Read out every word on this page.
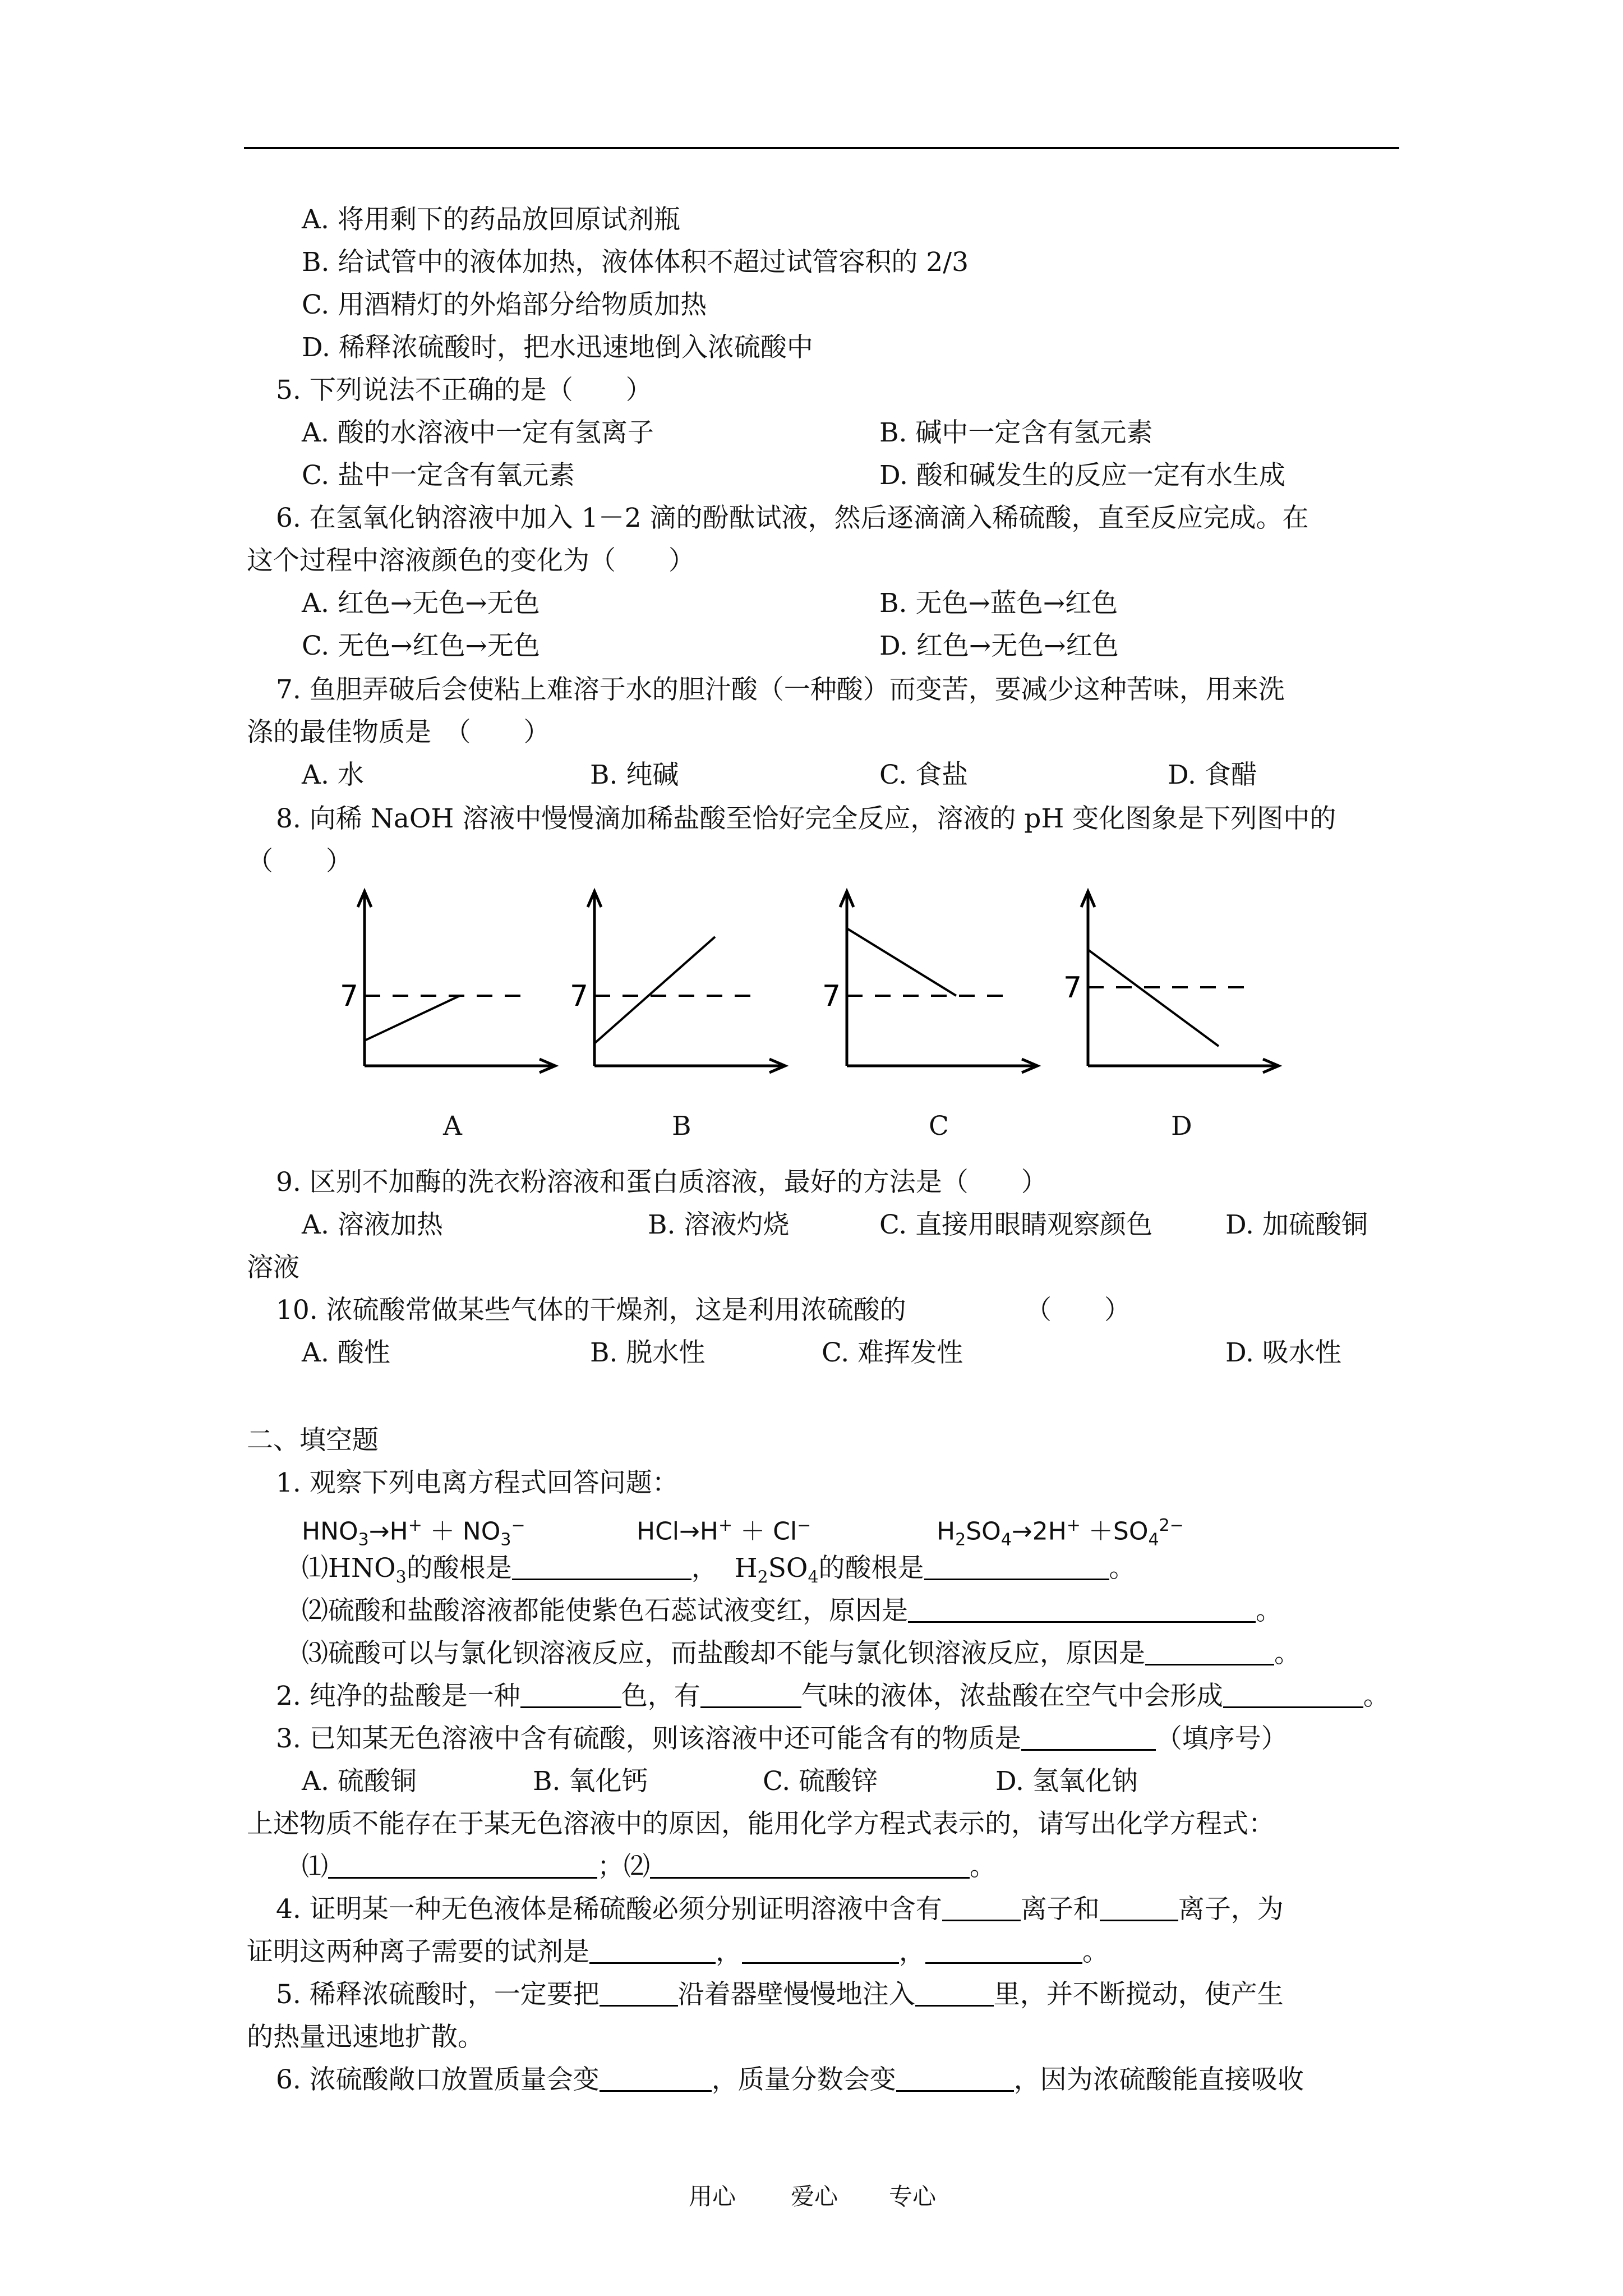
A. 将用剩下的药品放回原试剂瓶
B. 给试管中的液体加热，液体体积不超过试管容积的 2/3
C. 用酒精灯的外焰部分给物质加热
D. 稀释浓硫酸时，把水迅速地倒入浓硫酸中
5. 下列说法不正确的是（　　）
A. 酸的水溶液中一定有氢离子	B. 碱中一定含有氢元素
C. 盐中一定含有氧元素	D. 酸和碱发生的反应一定有水生成
6. 在氢氧化钠溶液中加入 1－2 滴的酚酞试液，然后逐滴滴入稀硫酸，直至反应完成。在
这个过程中溶液颜色的变化为（　　）
A. 红色→无色→无色	B. 无色→蓝色→红色
C. 无色→红色→无色	D. 红色→无色→红色
7. 鱼胆弄破后会使粘上难溶于水的胆汁酸（一种酸）而变苦，要减少这种苦味，用来洗
涤的最佳物质是　（　　）
A. 水	B. 纯碱	C. 食盐	D. 食醋
8. 向稀 NaOH 溶液中慢慢滴加稀盐酸至恰好完全反应，溶液的 pH 变化图象是下列图中的
（　　）
7
A
7
B
7
C
7
D
9. 区别不加酶的洗衣粉溶液和蛋白质溶液，最好的方法是（　　）
A. 溶液加热	B. 溶液灼烧	C. 直接用眼睛观察颜色	D. 加硫酸铜
溶液
10. 浓硫酸常做某些气体的干燥剂，这是利用浓硫酸的	（　　）
A. 酸性	B. 脱水性	C. 难挥发性	D. 吸水性
二、填空题
1. 观察下列电离方程式回答问题：
$HNO_3\to H^+ + NO_3^-$	HCl→H+ ＋ Cl−	$H_2SO_4\to 2H^+ +SO_4^{2-}$
$⑴HNO_3$的酸根是	，  $H_2SO_4$的酸根是	。
⑵硫酸和盐酸溶液都能使紫色石蕊试液变红，原因是	。
⑶硫酸可以与氯化钡溶液反应，而盐酸却不能与氯化钡溶液反应，原因是	。
2. 纯净的盐酸是一种	色，有	气味的液体，浓盐酸在空气中会形成	。
3. 已知某无色溶液中含有硫酸，则该溶液中还可能含有的物质是	（填序号）
A. 硫酸铜	B. 氧化钙	C. 硫酸锌	D. 氢氧化钠
上述物质不能存在于某无色溶液中的原因，能用化学方程式表示的，请写出化学方程式：
⑴	；⑵	。
4. 证明某一种无色液体是稀硫酸必须分别证明溶液中含有	离子和	离子，为
证明这两种离子需要的试剂是	，	，	。
5. 稀释浓硫酸时，一定要把	沿着器壁慢慢地注入	里，并不断搅动，使产生
的热量迅速地扩散。
6. 浓硫酸敞口放置质量会变	，质量分数会变	，因为浓硫酸能直接吸收
用心 爱心 专心
